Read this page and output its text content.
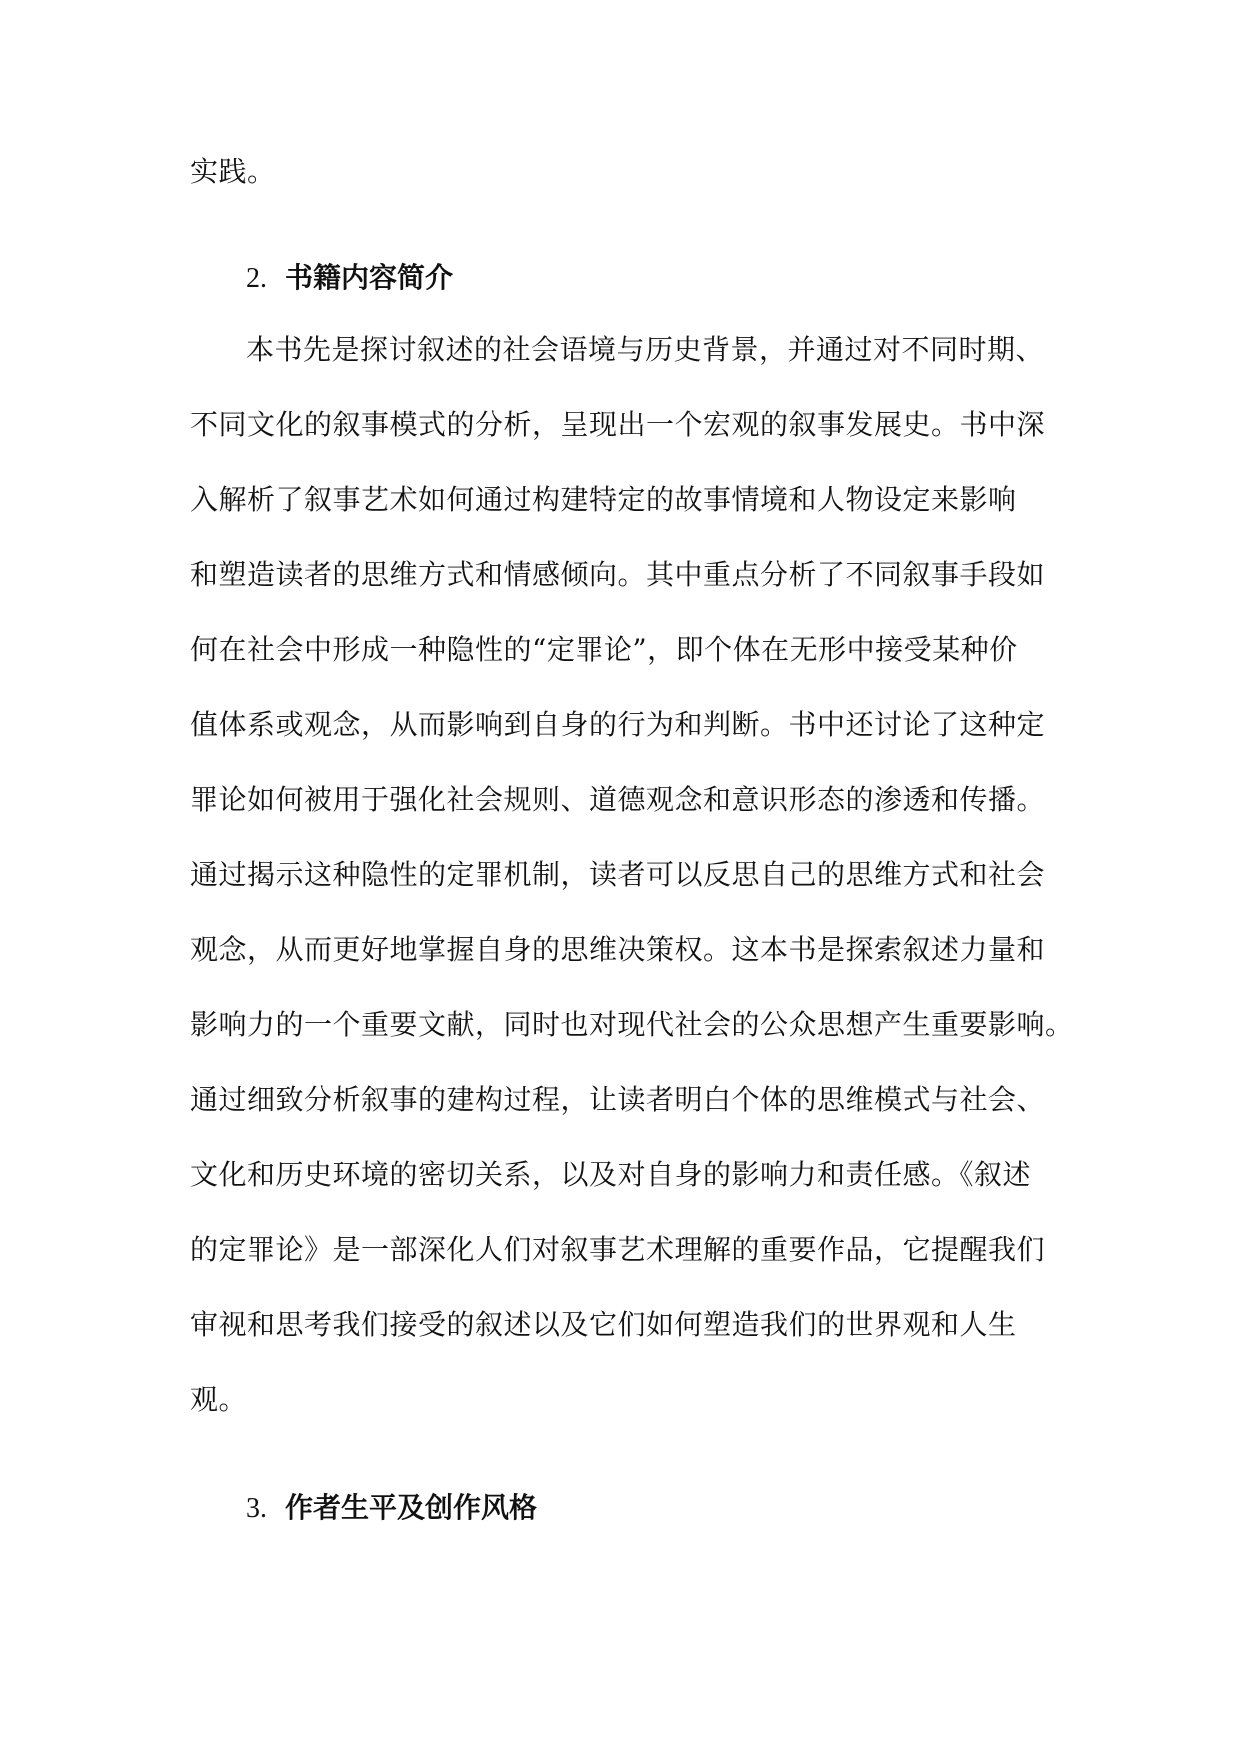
实践。
2. 书籍内容简介
本书先是探讨叙述的社会语境与历史背景，并通过对不同时期、
不同文化的叙事模式的分析，呈现出一个宏观的叙事发展史。书中深
入解析了叙事艺术如何通过构建特定的故事情境和人物设定来影响
和塑造读者的思维方式和情感倾向。其中重点分析了不同叙事手段如
何在社会中形成一种隐性的“定罪论”，即个体在无形中接受某种价
值体系或观念，从而影响到自身的行为和判断。书中还讨论了这种定
罪论如何被用于强化社会规则、道德观念和意识形态的渗透和传播。
通过揭示这种隐性的定罪机制，读者可以反思自己的思维方式和社会
观念，从而更好地掌握自身的思维决策权。这本书是探索叙述力量和
影响力的一个重要文献，同时也对现代社会的公众思想产生重要影响。
通过细致分析叙事的建构过程，让读者明白个体的思维模式与社会、
文化和历史环境的密切关系，以及对自身的影响力和责任感。《叙述
的定罪论》是一部深化人们对叙事艺术理解的重要作品，它提醒我们
审视和思考我们接受的叙述以及它们如何塑造我们的世界观和人生
观。
3. 作者生平及创作风格
